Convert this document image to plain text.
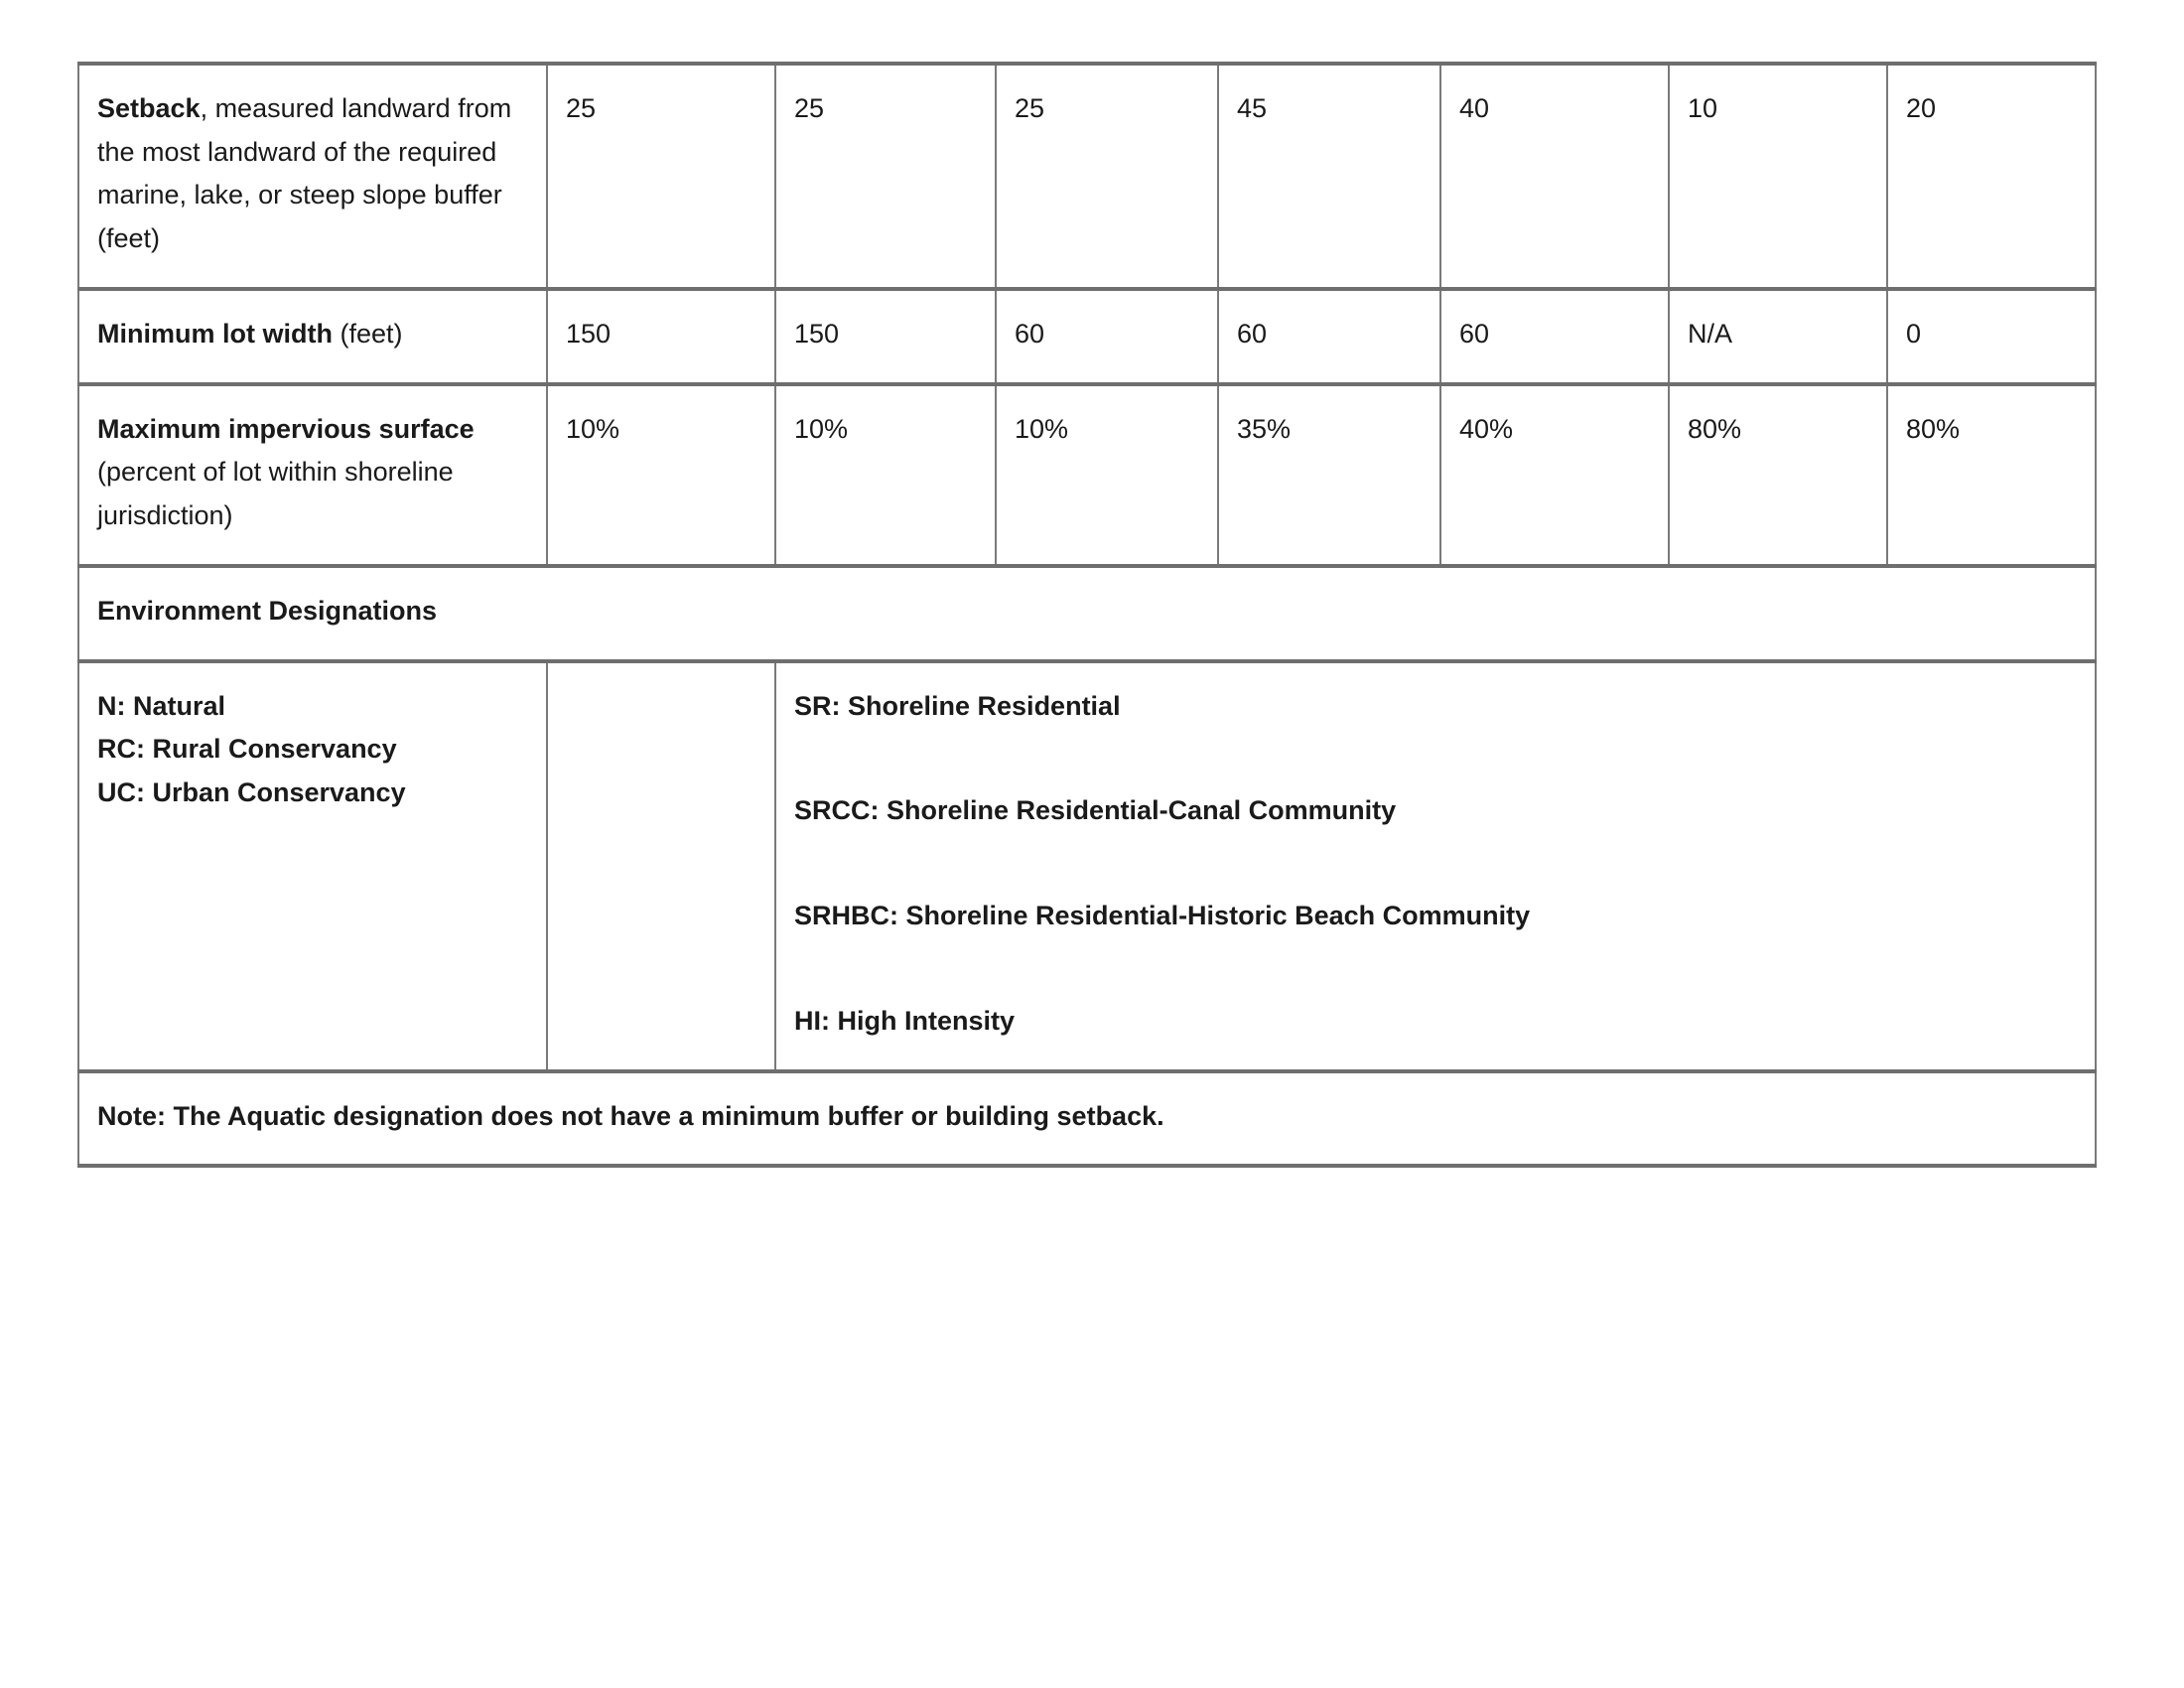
Setback, measured landward from the most landward of the required marine, lake, or steep slope buffer (feet)	25	25	25	45	40	10	20
Minimum lot width (feet)	150	150	60	60	60	N/A	0
Maximum impervious surface (percent of lot within shoreline jurisdiction)	10%	10%	10%	35%	40%	80%	80%
Environment Designations							

N: Natural
RC: Rural Conservancy
UC: Urban Conservancy

SR: Shoreline Residential

SRCC: Shoreline Residential-Canal Community

SRHBC: Shoreline Residential-Historic Beach Community

HI: High Intensity

Note: The Aquatic designation does not have a minimum buffer or building setback.							
